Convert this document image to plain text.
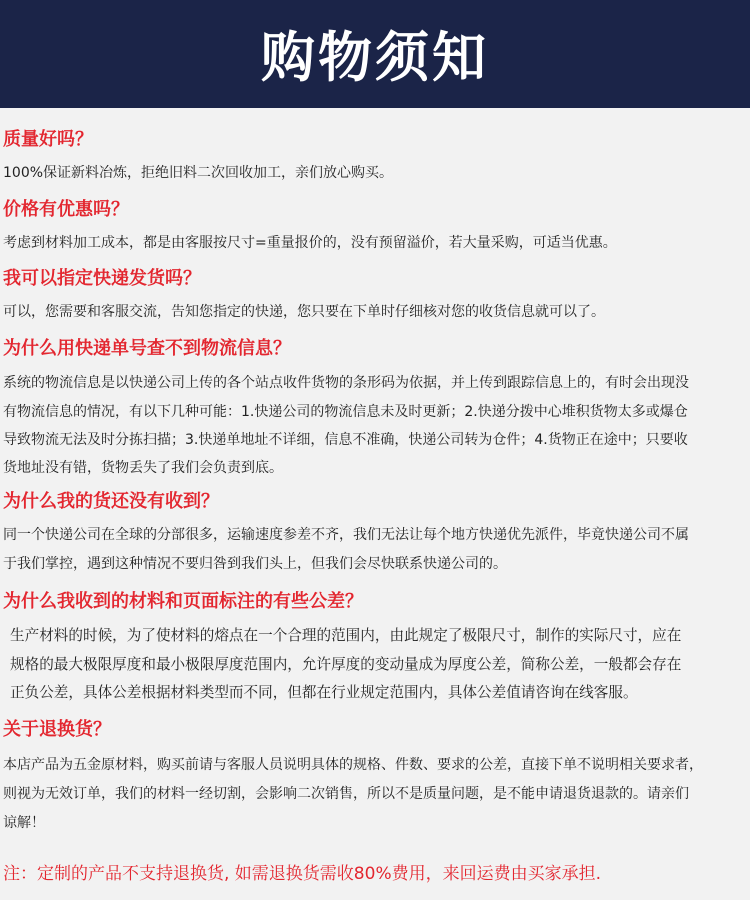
购物须知
质量好吗？
100%保证新料冶炼，拒绝旧料二次回收加工，亲们放心购买。
价格有优惠吗？
考虑到材料加工成本，都是由客服按尺寸=重量报价的，没有预留溢价，若大量采购，可适当优惠。
我可以指定快递发货吗？
可以，您需要和客服交流，告知您指定的快递，您只要在下单时仔细核对您的收货信息就可以了。
为什么用快递单号查不到物流信息？
系统的物流信息是以快递公司上传的各个站点收件货物的条形码为依据，并上传到跟踪信息上的，有时会出现没
有物流信息的情况，有以下几种可能：1.快递公司的物流信息未及时更新；2.快递分拨中心堆积货物太多或爆仓
导致物流无法及时分拣扫描；3.快递单地址不详细，信息不准确，快递公司转为仓件；4.货物正在途中；只要收
货地址没有错，货物丢失了我们会负责到底。
为什么我的货还没有收到？
同一个快递公司在全球的分部很多，运输速度参差不齐，我们无法让每个地方快递优先派件，毕竟快递公司不属
于我们掌控，遇到这种情况不要归咎到我们头上，但我们会尽快联系快递公司的。
为什么我收到的材料和页面标注的有些公差？
生产材料的时候，为了使材料的熔点在一个合理的范围内，由此规定了极限尺寸，制作的实际尺寸，应在
规格的最大极限厚度和最小极限厚度范围内，允许厚度的变动量成为厚度公差，简称公差，一般都会存在
正负公差，具体公差根据材料类型而不同，但都在行业规定范围内，具体公差值请咨询在线客服。
关于退换货？
本店产品为五金原材料，购买前请与客服人员说明具体的规格、件数、要求的公差，直接下单不说明相关要求者，
则视为无效订单，我们的材料一经切割，会影响二次销售，所以不是质量问题，是不能申请退货退款的。请亲们
谅解！
注：定制的产品不支持退换货, 如需退换货需收80%费用，来回运费由买家承担.
